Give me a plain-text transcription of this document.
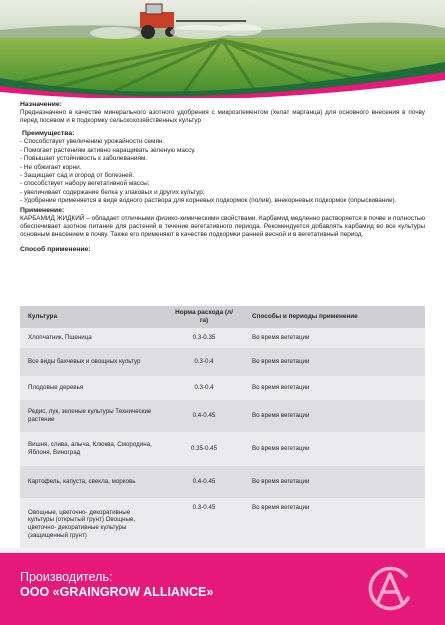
Назначение:
Предназначено в качестве минерального азотного удобрения с микроэлементом (хелат марганца) для основного внесения в почву перед посевом и в подкормку сельскохозяйственных культур
Преимущества:
- Способствует увеличению урожайности семян.
- Помогает растениям активно наращивать зеленую массу.
- Повышает устойчивость к заболеваниям.
- Не обжигает корни.
- Защищает сад и огород от болезней.
- способствует набору вегетативной массы;
- увеличивает содержание белка у злаковых и других культур;
- Удобрение применяется в виде водного раствора для корневых подкормок (полив), внекорневых подкормок (опрыскивание).
Применение:
КАРБАМИД ЖИДКИЙ – обладает отличными физико-химическими свойствами. Карбамид медленно растворяется в почве и полностью обеспечивает азотное питание для растений в течение вегетативного периода. Рекомендуется добавлять карбамид во все культуры основным внесением в почву. Также его применяют в качестве подкормки ранней весной и в вегетативный период.
Способ применение:
Культура	Норма расхода (л/га)	Способы и периоды применение
Хлопчатник, Пшеница	0.3-0.35	Во время вегетации
Все виды бахчевых и овощных культур	0.3-0.4	Во время вегетации
Плодовые деревья	0.3-0.4	Во время вегетации
Редис, лук, зеленые культуры Технические растение	0.4-0.45	Во время вегетации
Вишня, слива, алыча, Клюква, Смородина, Яблоня, Виноград	0.35-0.45	Во время вегетации
Картофель, капуста, свекла, морковь	0.4-0.45	Во время вегетации
Овощные, цветочно- декоративные культуры (открытый грунт) Овощные, цветочно- декоративные культуры (защищенный грунт)	0.3-0.45	Во время вегетации
Производитель:
ООО «GRAINGROW ALLIANCE»
